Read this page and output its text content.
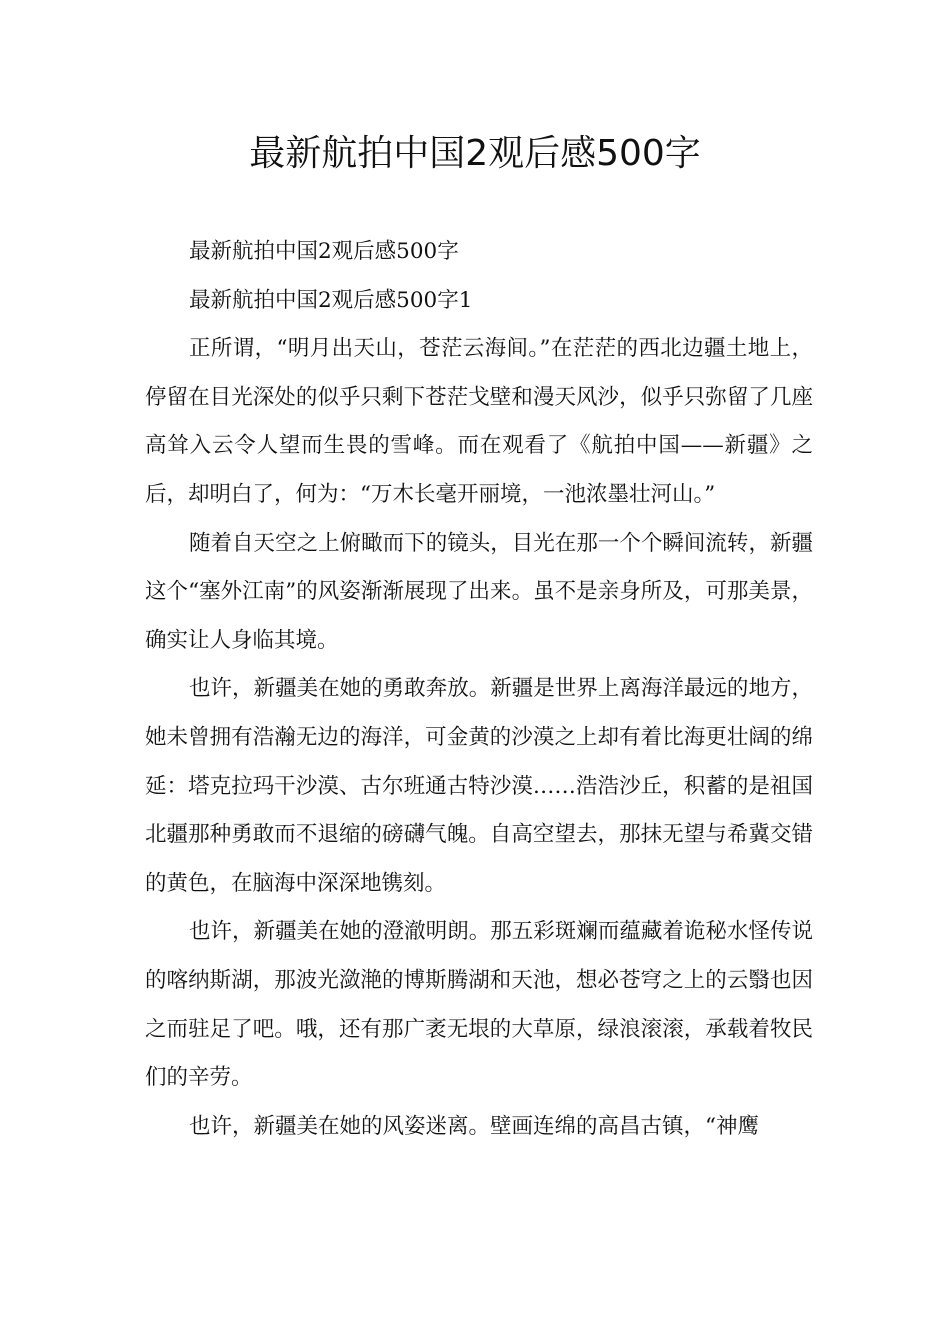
最新航拍中国2观后感500字

最新航拍中国2观后感500字

最新航拍中国2观后感500字1

正所谓，“明月出天山，苍茫云海间。”在茫茫的西北边疆土地上，停留在目光深处的似乎只剩下苍茫戈壁和漫天风沙，似乎只弥留了几座高耸入云令人望而生畏的雪峰。而在观看了《航拍中国——新疆》之后，却明白了，何为：“万木长毫开丽境，一池浓墨壮河山。”

随着自天空之上俯瞰而下的镜头，目光在那一个个瞬间流转，新疆这个“塞外江南”的风姿渐渐展现了出来。虽不是亲身所及，可那美景，确实让人身临其境。

也许，新疆美在她的勇敢奔放。新疆是世界上离海洋最远的地方，她未曾拥有浩瀚无边的海洋，可金黄的沙漠之上却有着比海更壮阔的绵延：塔克拉玛干沙漠、古尔班通古特沙漠……浩浩沙丘，积蓄的是祖国北疆那种勇敢而不退缩的磅礴气魄。自高空望去，那抹无望与希冀交错的黄色，在脑海中深深地镌刻。

也许，新疆美在她的澄澈明朗。那五彩斑斓而蕴藏着诡秘水怪传说的喀纳斯湖，那波光潋滟的博斯腾湖和天池，想必苍穹之上的云翳也因之而驻足了吧。哦，还有那广袤无垠的大草原，绿浪滚滚，承载着牧民们的辛劳。

也许，新疆美在她的风姿迷离。壁画连绵的高昌古镇，“神鹰
